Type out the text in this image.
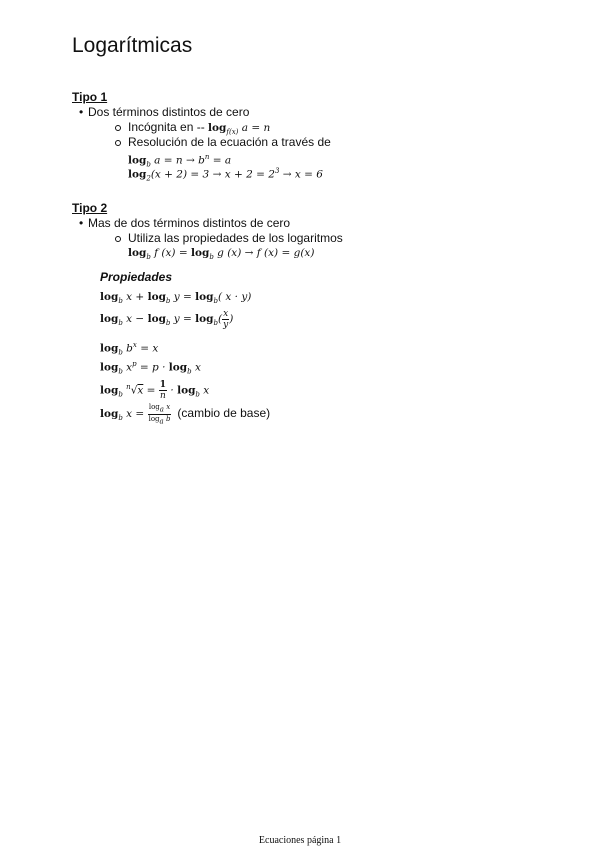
Logarítmicas
Tipo 1
• Dos términos distintos de cero
Incógnita en -- $\log_{f(x)} a = n$
Resolución de la ecuación a través de
$\log_b a = n \to b^n = a$
$\log_2(x + 2) = 3 \to x + 2 = 2^3 \to x = 6$
Tipo 2
• Mas de dos términos distintos de cero
Utiliza las propiedades de los logaritmos
$\log_b f$ $(x) = \log_b g$ (x) → f (x) = g(x)
Propiedades
$\log_b x + \log_b y = \log_b$( x · y)
$\log_b x - \log_b y = \log_b( \frac{x}{y}$ )
$\log_b b^x = x$
$\log_b x^p = p \cdot \log_b x$
$\log_b ^n√x = \frac{1}{n} \cdot \log_b x$
$\log_b x = \frac{\log_a x}{\log_a b}$ (cambio de base)
Ecuaciones página 1
